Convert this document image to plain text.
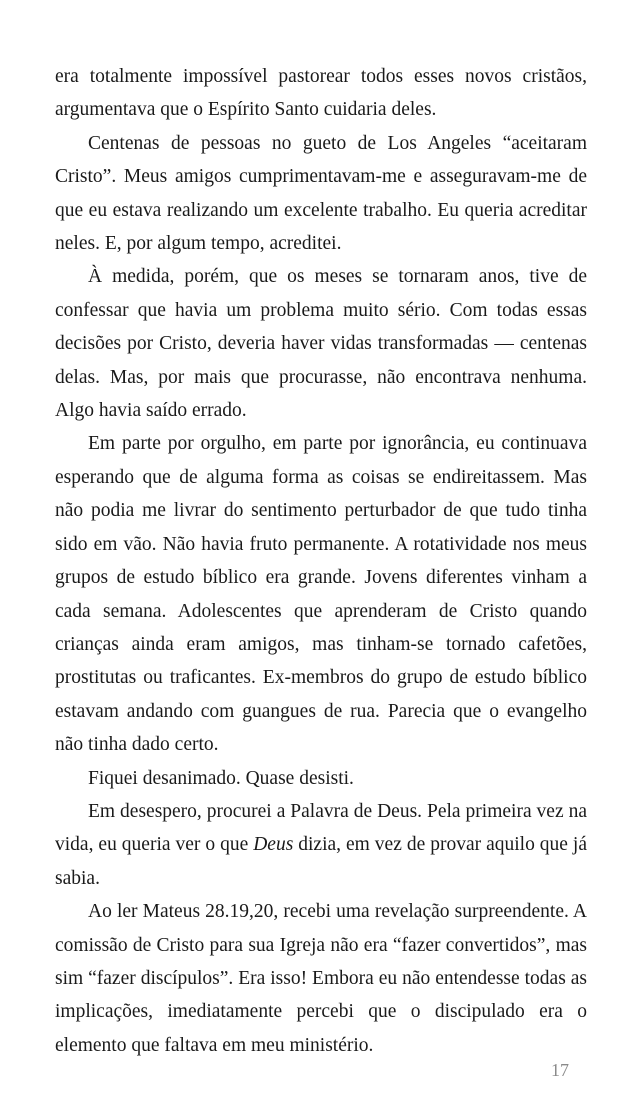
era totalmente impossível pastorear todos esses novos cristãos, argumentava que o Espírito Santo cuidaria deles.

Centenas de pessoas no gueto de Los Angeles “aceitaram Cristo”. Meus amigos cumprimentavam-me e asseguravam-me de que eu estava realizando um excelente trabalho. Eu queria acreditar neles. E, por algum tempo, acreditei.

À medida, porém, que os meses se tornaram anos, tive de confessar que havia um problema muito sério. Com todas essas decisões por Cristo, deveria haver vidas transformadas — centenas delas. Mas, por mais que procurasse, não encontrava nenhuma. Algo havia saído errado.

Em parte por orgulho, em parte por ignorância, eu continuava esperando que de alguma forma as coisas se endireitassem. Mas não podia me livrar do sentimento perturbador de que tudo tinha sido em vão. Não havia fruto permanente. A rotatividade nos meus grupos de estudo bíblico era grande. Jovens diferentes vinham a cada semana. Adolescentes que aprenderam de Cristo quando crianças ainda eram amigos, mas tinham-se tornado cafetões, prostitutas ou traficantes. Ex-membros do grupo de estudo bíblico estavam andando com guangues de rua. Parecia que o evangelho não tinha dado certo.

Fiquei desanimado. Quase desisti.

Em desespero, procurei a Palavra de Deus. Pela primeira vez na vida, eu queria ver o que Deus dizia, em vez de provar aquilo que já sabia.

Ao ler Mateus 28.19,20, recebi uma revelação surpreendente. A comissão de Cristo para sua Igreja não era “fazer convertidos”, mas sim “fazer discípulos”. Era isso! Embora eu não entendesse todas as implicações, imediatamente percebi que o discipulado era o elemento que faltava em meu ministério.

17
